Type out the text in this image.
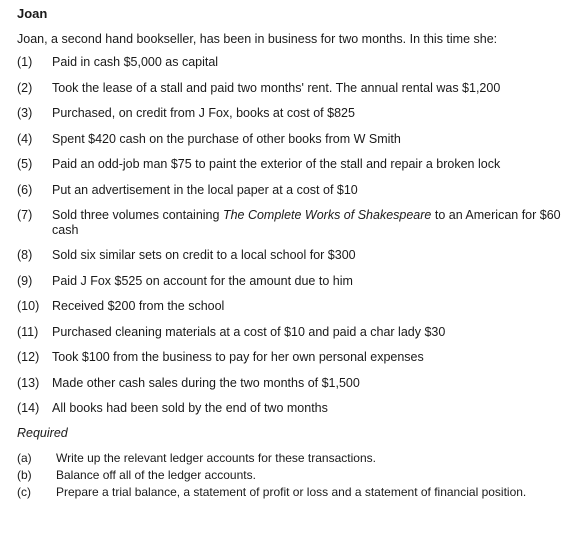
Joan
Joan, a second hand bookseller, has been in business for two months. In this time she:
(1)	Paid in cash $5,000 as capital
(2)	Took the lease of a stall and paid two months' rent. The annual rental was $1,200
(3)	Purchased, on credit from J Fox, books at cost of $825
(4)	Spent $420 cash on the purchase of other books from W Smith
(5)	Paid an odd-job man $75 to paint the exterior of the stall and repair a broken lock
(6)	Put an advertisement in the local paper at a cost of $10
(7)	Sold three volumes containing The Complete Works of Shakespeare to an American for $60 cash
(8)	Sold six similar sets on credit to a local school for $300
(9)	Paid J Fox $525 on account for the amount due to him
(10)	Received $200 from the school
(11)	Purchased cleaning materials at a cost of $10 and paid a char lady $30
(12)	Took $100 from the business to pay for her own personal expenses
(13)	Made other cash sales during the two months of $1,500
(14)	All books had been sold by the end of two months
Required
(a)	Write up the relevant ledger accounts for these transactions.
(b)	Balance off all of the ledger accounts.
(c)	Prepare a trial balance, a statement of profit or loss and a statement of financial position.
